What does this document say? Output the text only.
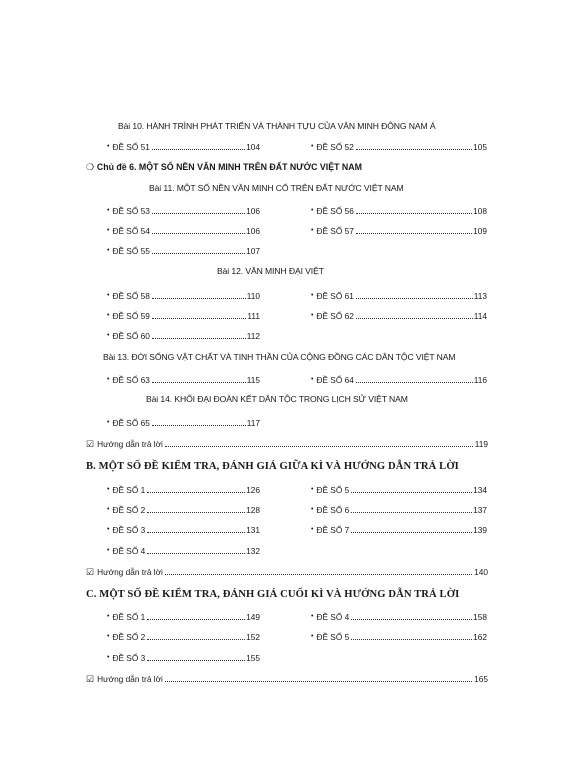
Bài 10. HÀNH TRÌNH PHÁT TRIỂN VÀ THÀNH TỰU CỦA VĂN MINH ĐÔNG NAM Á
• ĐỀ SỐ 51	104	• ĐỀ SỐ 52	105
❍ Chủ đề 6. MỘT SỐ NỀN VĂN MINH TRÊN ĐẤT NƯỚC VIỆT NAM
Bài 11. MỘT SỐ NỀN VĂN MINH CỔ TRÊN ĐẤT NƯỚC VIỆT NAM
• ĐỀ SỐ 53	106	• ĐỀ SỐ 56	108
• ĐỀ SỐ 54	106	• ĐỀ SỐ 57	109
• ĐỀ SỐ 55	107
Bài 12. VĂN MINH ĐẠI VIỆT
• ĐỀ SỐ 58	110	• ĐỀ SỐ 61	113
• ĐỀ SỐ 59	111	• ĐỀ SỐ 62	114
• ĐỀ SỐ 60	112
Bài 13. ĐỜI SỐNG VẬT CHẤT VÀ TINH THẦN CỦA CỘNG ĐỒNG CÁC DÂN TỘC VIỆT NAM
• ĐỀ SỐ 63	115	• ĐỀ SỐ 64	116
Bài 14. KHỐI ĐẠI ĐOÀN KẾT DÂN TỘC TRONG LỊCH SỬ VIỆT NAM
• ĐỀ SỐ 65	117
☑ Hướng dẫn trả lời	119
B. MỘT SỐ ĐỀ KIỂM TRA, ĐÁNH GIÁ GIỮA KÌ VÀ HƯỚNG DẪN TRẢ LỜI
• ĐỀ SỐ 1	126	• ĐỀ SỐ 5	134
• ĐỀ SỐ 2	128	• ĐỀ SỐ 6	137
• ĐỀ SỐ 3	131	• ĐỀ SỐ 7	139
• ĐỀ SỐ 4	132
☑ Hướng dẫn trả lời	140
C. MỘT SỐ ĐỀ KIỂM TRA, ĐÁNH GIÁ CUỐI KÌ VÀ HƯỚNG DẪN TRẢ LỜI
• ĐỀ SỐ 1	149	• ĐỀ SỐ 4	158
• ĐỀ SỐ 2	152	• ĐỀ SỐ 5	162
• ĐỀ SỐ 3	155
☑ Hướng dẫn trả lời	165
